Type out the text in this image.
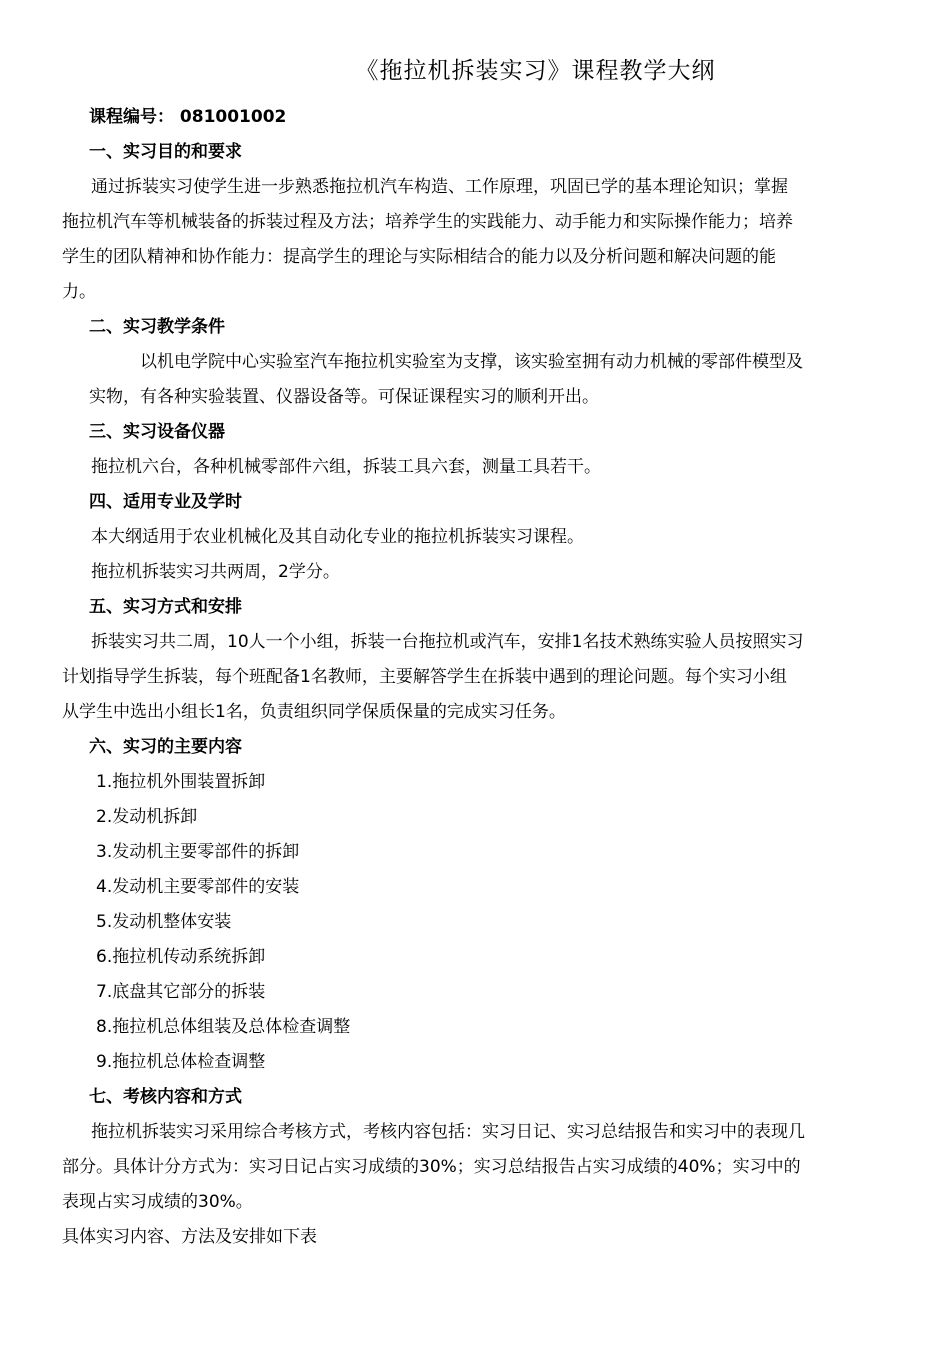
《拖拉机拆装实习》课程教学大纲
课程编号： 081001002
一、实习目的和要求
通过拆装实习使学生进一步熟悉拖拉机汽车构造、工作原理，巩固已学的基本理论知识；掌握
拖拉机汽车等机械装备的拆装过程及方法；培养学生的实践能力、动手能力和实际操作能力；培养
学生的团队精神和协作能力：提高学生的理论与实际相结合的能力以及分析问题和解决问题的能
力。
二、实习教学条件
以机电学院中心实验室汽车拖拉机实验室为支撑，该实验室拥有动力机械的零部件模型及
实物，有各种实验装置、仪器设备等。可保证课程实习的顺利开出。
三、实习设备仪器
拖拉机六台，各种机械零部件六组，拆装工具六套，测量工具若干。
四、适用专业及学时
本大纲适用于农业机械化及其自动化专业的拖拉机拆装实习课程。
拖拉机拆装实习共两周，2学分。
五、实习方式和安排
拆装实习共二周，10人一个小组，拆装一台拖拉机或汽车，安排1名技术熟练实验人员按照实习
计划指导学生拆装，每个班配备1名教师，主要解答学生在拆装中遇到的理论问题。每个实习小组
从学生中选出小组长1名，负责组织同学保质保量的完成实习任务。
六、实习的主要内容
1.拖拉机外围装置拆卸
2.发动机拆卸
3.发动机主要零部件的拆卸
4.发动机主要零部件的安装
5.发动机整体安装
6.拖拉机传动系统拆卸
7.底盘其它部分的拆装
8.拖拉机总体组装及总体检查调整
9.拖拉机总体检查调整
七、考核内容和方式
拖拉机拆装实习采用综合考核方式，考核内容包括：实习日记、实习总结报告和实习中的表现几
部分。具体计分方式为：实习日记占实习成绩的30%；实习总结报告占实习成绩的40%；实习中的
表现占实习成绩的30%。
具体实习内容、方法及安排如下表
